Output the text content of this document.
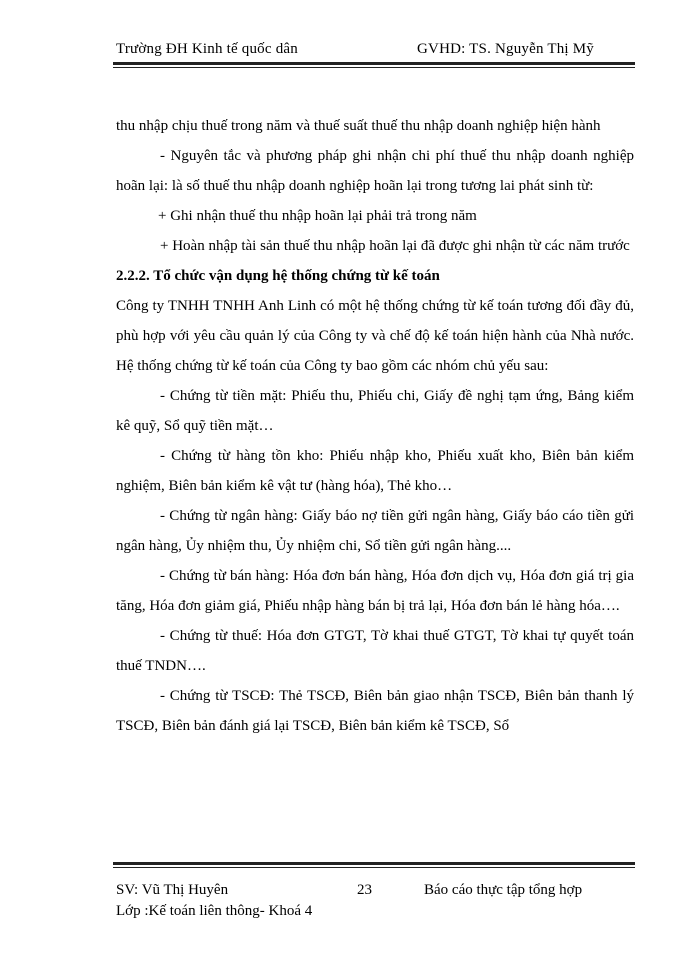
Trường ĐH Kinh tế quốc dân	GVHD: TS. Nguyễn Thị Mỹ

thu nhập chịu thuế trong năm và thuế suất thuế thu nhập doanh nghiệp hiện hành

- Nguyên tắc và phương pháp ghi nhận chi phí thuế thu nhập doanh nghiệp hoãn lại: là số thuế thu nhập doanh nghiệp hoãn lại trong tương lai phát sinh từ:

+ Ghi nhận thuế thu nhập hoãn lại phải trả trong năm

+ Hoàn nhập tài sản thuế thu nhập hoãn lại đã được ghi nhận từ các năm trước

2.2.2. Tổ chức vận dụng hệ thống chứng từ kế toán

Công ty TNHH TNHH Anh Linh có một hệ thống chứng từ kế toán tương đối đầy đủ, phù hợp với yêu cầu quản lý của Công ty và chế độ kế toán hiện hành của Nhà nước. Hệ thống chứng từ kế toán của Công ty bao gồm các nhóm chủ yếu sau:

- Chứng từ tiền mặt: Phiếu thu, Phiếu chi, Giấy đề nghị tạm ứng, Bảng kiểm kê quỹ, Sổ quỹ tiền mặt…

- Chứng từ hàng tồn kho: Phiếu nhập kho, Phiếu xuất kho, Biên bản kiểm nghiệm, Biên bản kiểm kê vật tư (hàng hóa), Thẻ kho…

- Chứng từ ngân hàng: Giấy báo nợ tiền gửi ngân hàng, Giấy báo cáo tiền gửi ngân hàng, Ủy nhiệm thu, Ủy nhiệm chi, Sổ tiền gửi ngân hàng....

- Chứng từ bán hàng: Hóa đơn bán hàng, Hóa đơn dịch vụ, Hóa đơn giá trị gia tăng, Hóa đơn giảm giá, Phiếu nhập hàng bán bị trả lại, Hóa đơn bán lẻ hàng hóa….

- Chứng từ thuế: Hóa đơn GTGT, Tờ khai thuế GTGT, Tờ khai tự quyết toán thuế TNDN….

- Chứng từ TSCĐ: Thẻ TSCĐ, Biên bản giao nhận TSCĐ, Biên bản thanh lý TSCĐ, Biên bản đánh giá lại TSCĐ, Biên bản kiểm kê TSCĐ, Sổ

SV: Vũ Thị Huyên	23	Báo cáo thực tập tổng hợp
Lớp :Kế toán liên thông- Khoá 4
